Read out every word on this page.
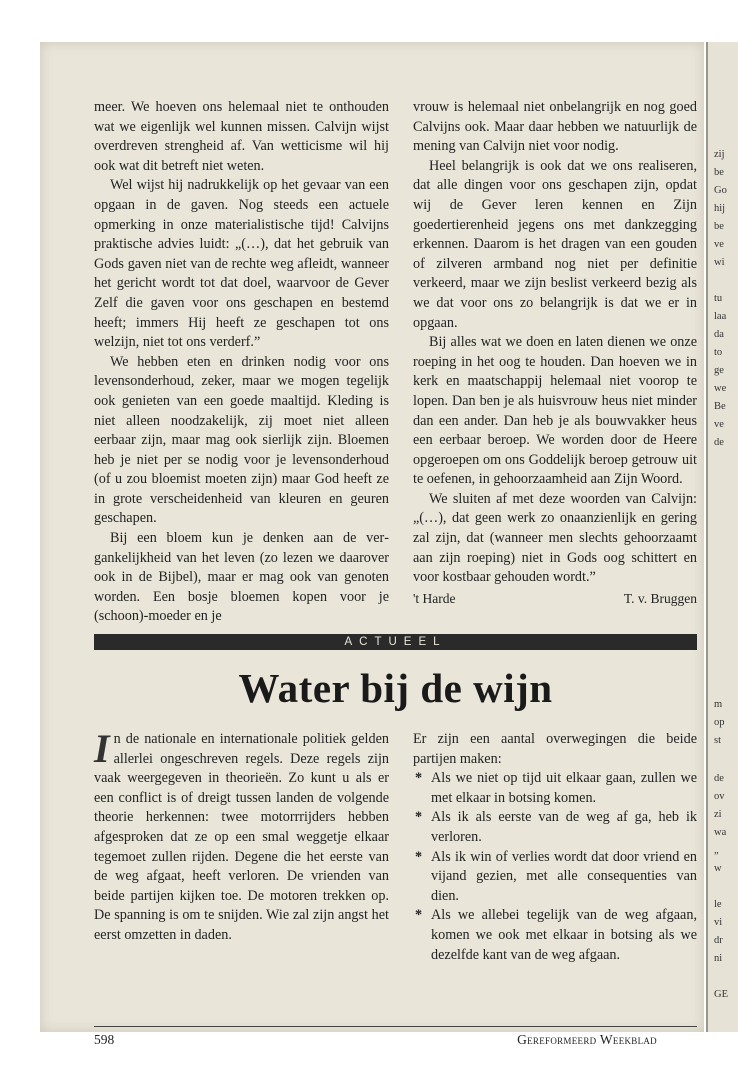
meer. We hoeven ons helemaal niet te onthouden wat we eigenlijk wel kunnen missen. Calvijn wijst overdreven strengheid af. Van wetticisme wil hij ook wat dit betreft niet weten.

Wel wijst hij nadrukkelijk op het gevaar van een opgaan in de gaven. Nog steeds een actuele opmerking in onze materialistische tijd! Calvijns praktische advies luidt: „(…), dat het gebruik van Gods gaven niet van de rechte weg afleidt, wanneer het gericht wordt tot dat doel, waarvoor de Gever Zelf die gaven voor ons geschapen en bestemd heeft; immers Hij heeft ze geschapen tot ons welzijn, niet tot ons verderf.”

We hebben eten en drinken nodig voor ons levensonderhoud, zeker, maar we mogen tegelijk ook genieten van een goede maaltijd. Kleding is niet alleen noodzakelijk, zij moet niet alleen eerbaar zijn, maar mag ook sierlijk zijn. Bloemen heb je niet per se nodig voor je levensonderhoud (of u zou bloemist moeten zijn) maar God heeft ze in grote verscheidenheid van kleuren en geuren geschapen.

Bij een bloem kun je denken aan de vergankelijkheid van het leven (zo lezen we daarover ook in de Bijbel), maar er mag ook van genoten worden. Een bosje bloemen kopen voor je (schoon)-moeder en je

vrouw is helemaal niet onbelangrijk en nog goed Calvijns ook. Maar daar hebben we natuurlijk de mening van Calvijn niet voor nodig.

Heel belangrijk is ook dat we ons realiseren, dat alle dingen voor ons geschapen zijn, opdat wij de Gever leren kennen en Zijn goedertierenheid jegens ons met dankzegging erkennen. Daarom is het dragen van een gouden of zilveren armband nog niet per definitie verkeerd, maar we zijn beslist verkeerd bezig als we dat voor ons zo belangrijk is dat we er in opgaan.

Bij alles wat we doen en laten dienen we onze roeping in het oog te houden. Dan hoeven we in kerk en maatschappij helemaal niet voorop te lopen. Dan ben je als huisvrouw heus niet minder dan een ander. Dan heb je als bouwvakker heus een eerbaar beroep. We worden door de Heere opgeroepen om ons Goddelijk beroep getrouw uit te oefenen, in gehoorzaamheid aan Zijn Woord.

We sluiten af met deze woorden van Calvijn: „(…), dat geen werk zo onaanzienlijk en gering zal zijn, dat (wanneer men slechts gehoorzaamt aan zijn roeping) niet in Gods oog schittert en voor kostbaar gehouden wordt.”

't Harde	T. v. Bruggen
ACTUEEL
Water bij de wijn

In de nationale en internationale politiek gelden allerlei ongeschreven regels. Deze regels zijn vaak weergegeven in theorieën. Zo kunt u als er een conflict is of dreigt tussen landen de volgende theorie herkennen: twee motorrrijders hebben afgesproken dat ze op een smal weggetje elkaar tegemoet zullen rijden. Degene die het eerste van de weg afgaat, heeft verloren. De vrienden van beide partijen kijken toe. De motoren trekken op. De spanning is om te snijden. Wie zal zijn angst het eerst omzetten in daden.

Er zijn een aantal overwegingen die beide partijen maken:

* Als we niet op tijd uit elkaar gaan, zullen we met elkaar in botsing komen.
* Als ik als eerste van de weg af ga, heb ik verloren.
* Als ik win of verlies wordt dat door vriend en vijand gezien, met alle consequenties van dien.
* Als we allebei tegelijk van de weg afgaan, komen we ook met elkaar in botsing als we dezelfde kant van de weg afgaan.
598	Gereformeerd Weekblad
zij
be
Go
hij
be
ve
wi
tu
laa
da
to
ge
we
Be
ve
de
m
op
st
de
ov
zi
wa
„
w
le
vi
dr
ni
GE
